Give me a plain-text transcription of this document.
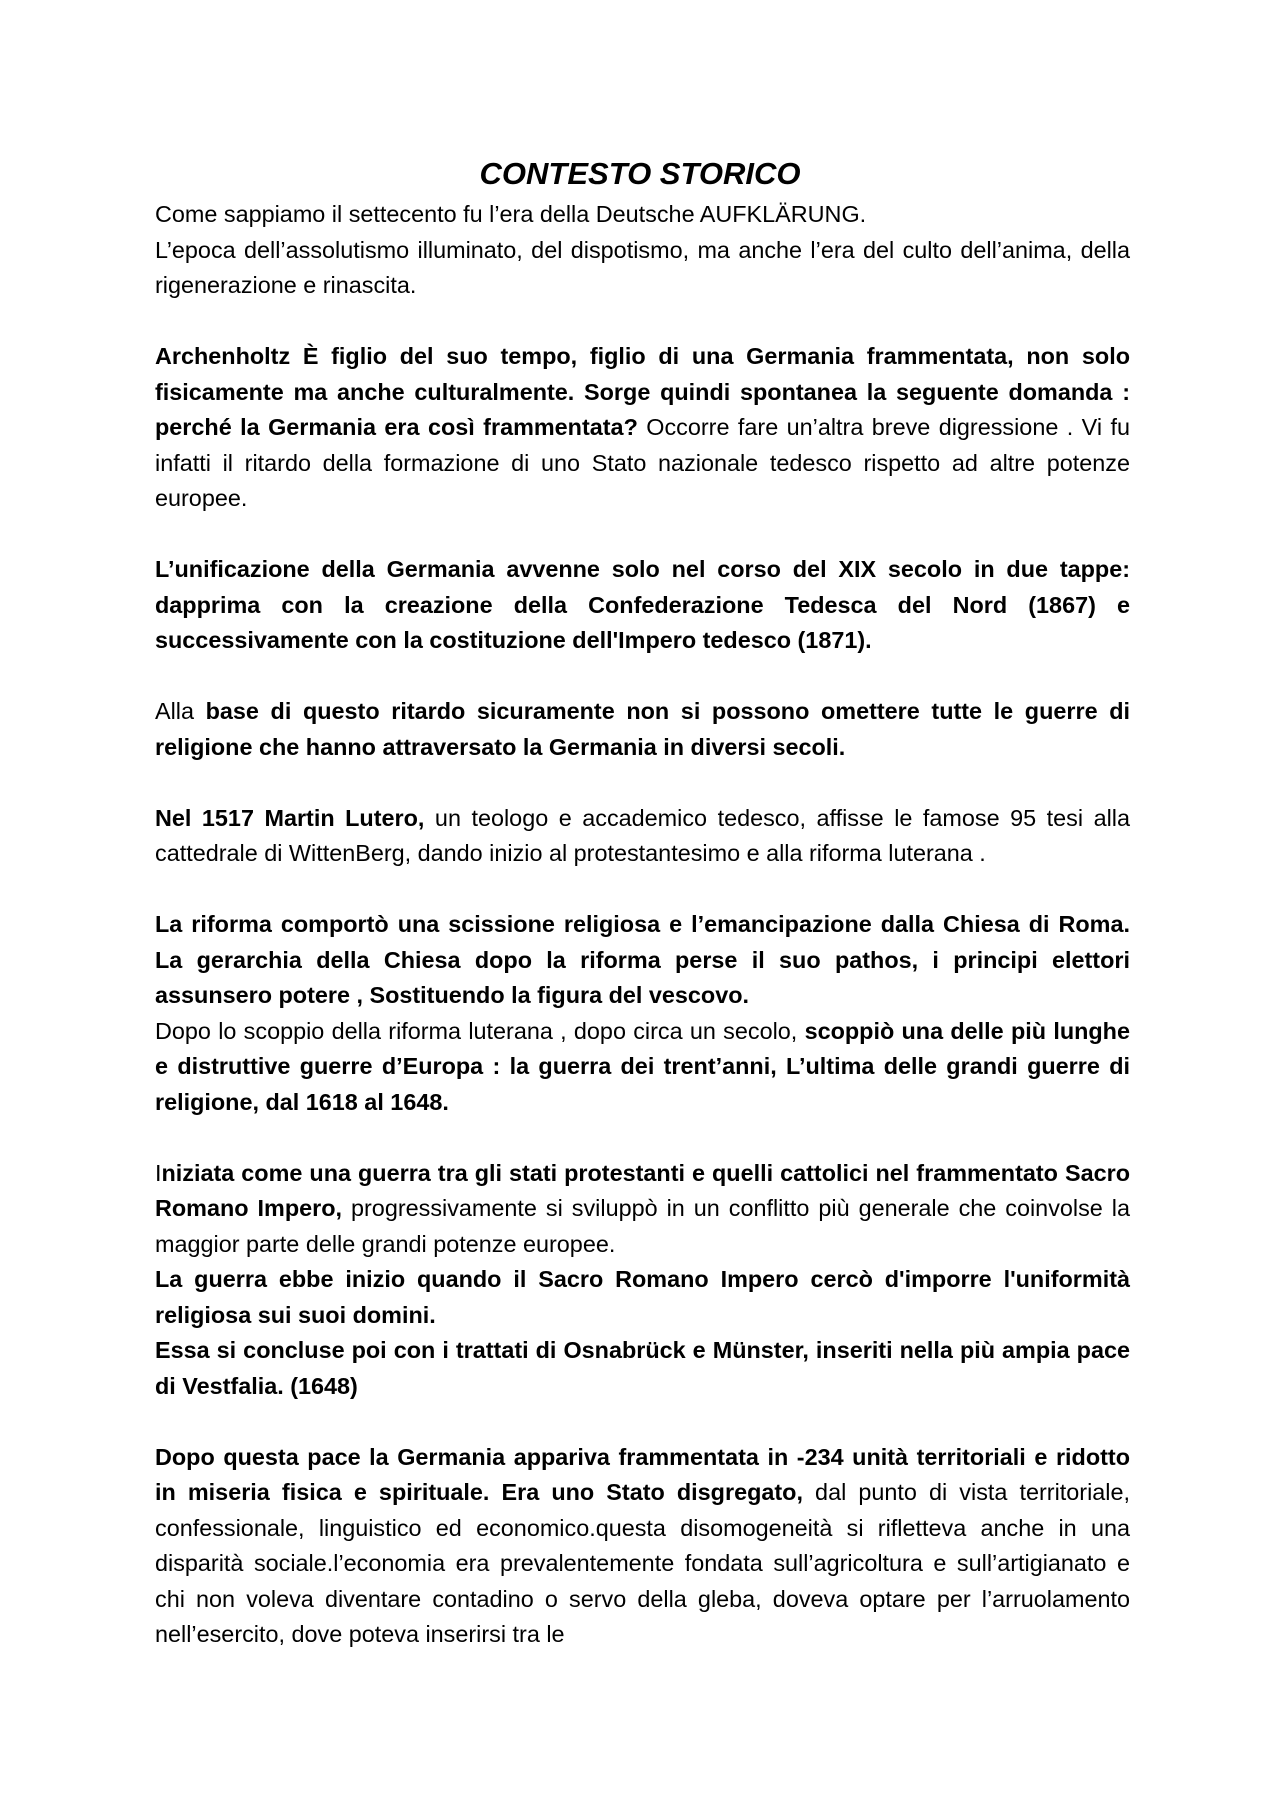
CONTESTO STORICO

Come sappiamo il settecento fu l’era della Deutsche AUFKLÄRUNG.

L’epoca dell’assolutismo illuminato, del dispotismo, ma anche l’era del culto dell’anima, della rigenerazione e rinascita.

Archenholtz È figlio del suo tempo, figlio di una Germania frammentata, non solo fisicamente ma anche culturalmente. Sorge quindi spontanea la seguente domanda : perché la Germania era così frammentata? Occorre fare un’altra breve digressione . Vi fu infatti il ritardo della formazione di uno Stato nazionale tedesco rispetto ad altre potenze europee.

L’unificazione della Germania avvenne solo nel corso del XIX secolo in due tappe: dapprima con la creazione della Confederazione Tedesca del Nord (1867) e successivamente con la costituzione dell'Impero tedesco (1871).

Alla base di questo ritardo sicuramente non si possono omettere tutte le guerre di religione che hanno attraversato la Germania in diversi secoli.

Nel 1517 Martin Lutero, un teologo e accademico tedesco, affisse le famose 95 tesi alla cattedrale di WittenBerg, dando inizio al protestantesimo e alla riforma luterana .

La riforma comportò una scissione religiosa e l’emancipazione dalla Chiesa di Roma. La gerarchia della Chiesa dopo la riforma perse il suo pathos, i principi elettori assunsero potere , Sostituendo la figura del vescovo.

Dopo lo scoppio della riforma luterana , dopo circa un secolo, scoppiò una delle più lunghe e distruttive guerre d’Europa : la guerra dei trent’anni, L’ultima delle grandi guerre di religione, dal 1618 al 1648.

Iniziata come una guerra tra gli stati protestanti e quelli cattolici nel frammentato Sacro Romano Impero, progressivamente si sviluppò in un conflitto più generale che coinvolse la maggior parte delle grandi potenze europee.

La guerra ebbe inizio quando il Sacro Romano Impero cercò d'imporre l'uniformità religiosa sui suoi domini.

Essa si concluse poi con i trattati di Osnabrück e Münster, inseriti nella più ampia pace di Vestfalia. (1648)

Dopo questa pace la Germania appariva frammentata in -234 unità territoriali e ridotto in miseria fisica e spirituale. Era uno Stato disgregato, dal punto di vista territoriale, confessionale, linguistico ed economico.questa disomogeneità si rifletteva anche in una disparità sociale.l’economia era prevalentemente fondata sull’agricoltura e sull’artigianato e chi non voleva diventare contadino o servo della gleba, doveva optare per l’arruolamento nell’esercito, dove poteva inserirsi tra le
